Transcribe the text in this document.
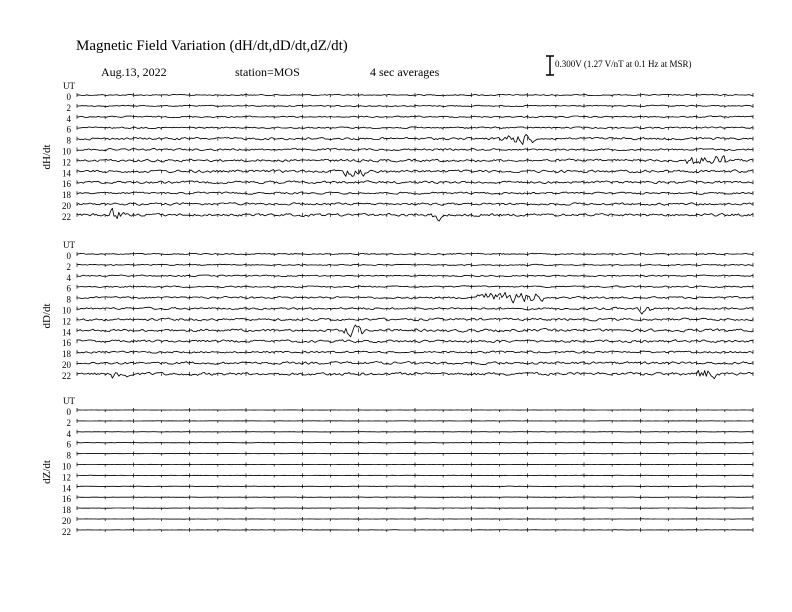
Magnetic Field Variation (dH/dt,dD/dt,dZ/dt)
Aug.13, 2022	station=MOS	4 sec averages
0.300V (1.27 V/nT at 0.1 Hz at MSR)
UT
dH/dt
0
2
4
6
8
10
12
14
16
18
20
22
UT
dD/dt
0
2
4
6
8
10
12
14
16
18
20
22
UT
dZ/dt
0
2
4
6
8
10
12
14
16
18
20
22
